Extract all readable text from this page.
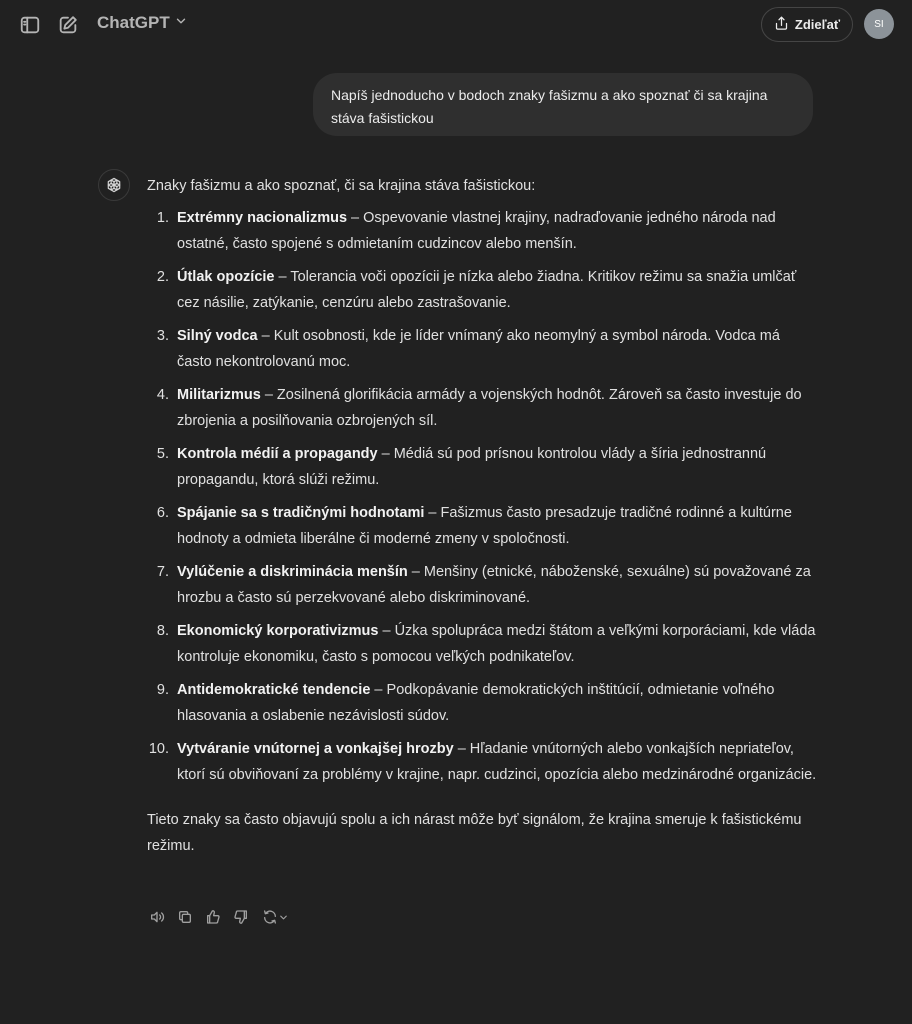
ChatGPT	Zdieľať	SI
Napíš jednoducho v bodoch znaky fašizmu a ako spoznať či sa krajina stáva fašistickou

Znaky fašizmu a ako spoznať, či sa krajina stáva fašistickou:

1. Extrémny nacionalizmus – Ospevovanie vlastnej krajiny, nadraďovanie jedného národa nad ostatné, často spojené s odmietaním cudzincov alebo menšín.
2. Útlak opozície – Tolerancia voči opozícii je nízka alebo žiadna. Kritikov režimu sa snažia umlčať cez násilie, zatýkanie, cenzúru alebo zastrašovanie.
3. Silný vodca – Kult osobnosti, kde je líder vnímaný ako neomylný a symbol národa. Vodca má často nekontrolovanú moc.
4. Militarizmus – Zosilnená glorifikácia armády a vojenských hodnôt. Zároveň sa často investuje do zbrojenia a posilňovania ozbrojených síl.
5. Kontrola médií a propagandy – Médiá sú pod prísnou kontrolou vlády a šíria jednostrannú propagandu, ktorá slúži režimu.
6. Spájanie sa s tradičnými hodnotami – Fašizmus často presadzuje tradičné rodinné a kultúrne hodnoty a odmieta liberálne či moderné zmeny v spoločnosti.
7. Vylúčenie a diskriminácia menšín – Menšiny (etnické, náboženské, sexuálne) sú považované za hrozbu a často sú perzekvované alebo diskriminované.
8. Ekonomický korporativizmus – Úzka spolupráca medzi štátom a veľkými korporáciami, kde vláda kontroluje ekonomiku, často s pomocou veľkých podnikateľov.
9. Antidemokratické tendencie – Podkopávanie demokratických inštitúcií, odmietanie voľného hlasovania a oslabenie nezávislosti súdov.
10. Vytváranie vnútornej a vonkajšej hrozby – Hľadanie vnútorných alebo vonkajších nepriateľov, ktorí sú obviňovaní za problémy v krajine, napr. cudzinci, opozícia alebo medzinárodné organizácie.

Tieto znaky sa často objavujú spolu a ich nárast môže byť signálom, že krajina smeruje k fašistickému režimu.
